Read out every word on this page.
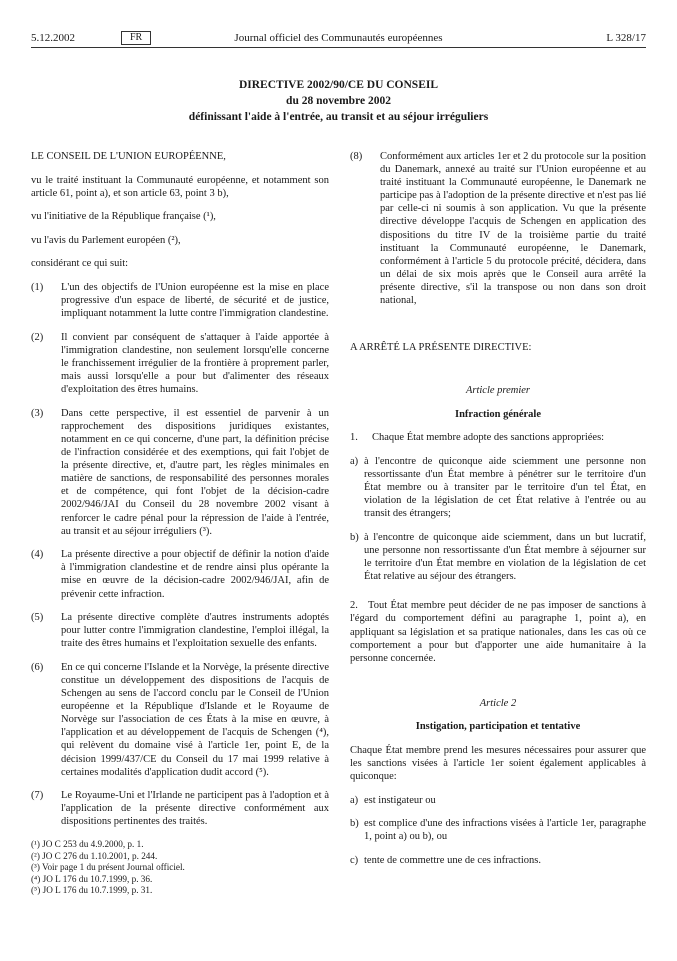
Journal officiel des Communautés européennes
5.12.2002	FR	L 328/17
DIRECTIVE 2002/90/CE DU CONSEIL
du 28 novembre 2002
définissant l'aide à l'entrée, au transit et au séjour irréguliers

LE CONSEIL DE L'UNION EUROPÉENNE,

vu le traité instituant la Communauté européenne, et notamment son article 61, point a), et son article 63, point 3 b),

vu l'initiative de la République française (¹),

vu l'avis du Parlement européen (²),

considérant ce qui suit:

(1) L'un des objectifs de l'Union européenne est la mise en place progressive d'un espace de liberté, de sécurité et de justice, impliquant notamment la lutte contre l'immigration clandestine.
(2) Il convient par conséquent de s'attaquer à l'aide apportée à l'immigration clandestine, non seulement lorsqu'elle concerne le franchissement irrégulier de la frontière à proprement parler, mais aussi lorsqu'elle a pour but d'alimenter des réseaux d'exploitation des êtres humains.
(3) Dans cette perspective, il est essentiel de parvenir à un rapprochement des dispositions juridiques existantes, notamment en ce qui concerne, d'une part, la définition précise de l'infraction considérée et des exemptions, qui fait l'objet de la présente directive, et, d'autre part, les règles minimales en matière de sanctions, de responsabilité des personnes morales et de compétence, qui font l'objet de la décision-cadre 2002/946/JAI du Conseil du 28 novembre 2002 visant à renforcer le cadre pénal pour la répression de l'aide à l'entrée, au transit et au séjour irréguliers (³).
(4) La présente directive a pour objectif de définir la notion d'aide à l'immigration clandestine et de rendre ainsi plus opérante la mise en œuvre de la décision-cadre 2002/946/JAI, afin de prévenir cette infraction.
(5) La présente directive complète d'autres instruments adoptés pour lutter contre l'immigration clandestine, l'emploi illégal, la traite des êtres humains et l'exploitation sexuelle des enfants.
(6) En ce qui concerne l'Islande et la Norvège, la présente directive constitue un développement des dispositions de l'acquis de Schengen au sens de l'accord conclu par le Conseil de l'Union européenne et la République d'Islande et le Royaume de Norvège sur l'association de ces États à la mise en œuvre, à l'application et au développement de l'acquis de Schengen (⁴), qui relèvent du domaine visé à l'article 1er, point E, de la décision 1999/437/CE du Conseil du 17 mai 1999 relative à certaines modalités d'application dudit accord (⁵).
(7) Le Royaume-Uni et l'Irlande ne participent pas à l'adoption et à l'application de la présente directive conformément aux dispositions pertinentes des traités.
(¹) JO C 253 du 4.9.2000, p. 1.
(²) JO C 276 du 1.10.2001, p. 244.
(³) Voir page 1 du présent Journal officiel.
(⁴) JO L 176 du 10.7.1999, p. 36.
(⁵) JO L 176 du 10.7.1999, p. 31.
(8) Conformément aux articles 1er et 2 du protocole sur la position du Danemark, annexé au traité sur l'Union européenne et au traité instituant la Communauté européenne, le Danemark ne participe pas à l'adoption de la présente directive et n'est pas lié par celle-ci ni soumis à son application. Vu que la présente directive développe l'acquis de Schengen en application des dispositions du titre IV de la troisième partie du traité instituant la Communauté européenne, le Danemark, conformément à l'article 5 du protocole précité, décidera, dans un délai de six mois après que le Conseil aura arrêté la présente directive, s'il la transpose ou non dans son droit national,

A ARRÊTÉ LA PRÉSENTE DIRECTIVE:

Article premier

Infraction générale

1. Chaque État membre adopte des sanctions appropriées:
a) à l'encontre de quiconque aide sciemment une personne non ressortissante d'un État membre à pénétrer sur le territoire d'un État membre ou à transiter par le territoire d'un tel État, en violation de la législation de cet État relative à l'entrée ou au transit des étrangers;
b) à l'encontre de quiconque aide sciemment, dans un but lucratif, une personne non ressortissante d'un État membre à séjourner sur le territoire d'un État membre en violation de la législation de cet État relative au séjour des étrangers.

2.   Tout État membre peut décider de ne pas imposer de sanctions à l'égard du comportement défini au paragraphe 1, point a), en appliquant sa législation et sa pratique nationales, dans les cas où ce comportement a pour but d'apporter une aide humanitaire à la personne concernée.

Article 2

Instigation, participation et tentative

Chaque État membre prend les mesures nécessaires pour assurer que les sanctions visées à l'article 1er soient également applicables à quiconque:

a) est instigateur ou
b) est complice d'une des infractions visées à l'article 1er, paragraphe 1, point a) ou b), ou
c) tente de commettre une de ces infractions.
